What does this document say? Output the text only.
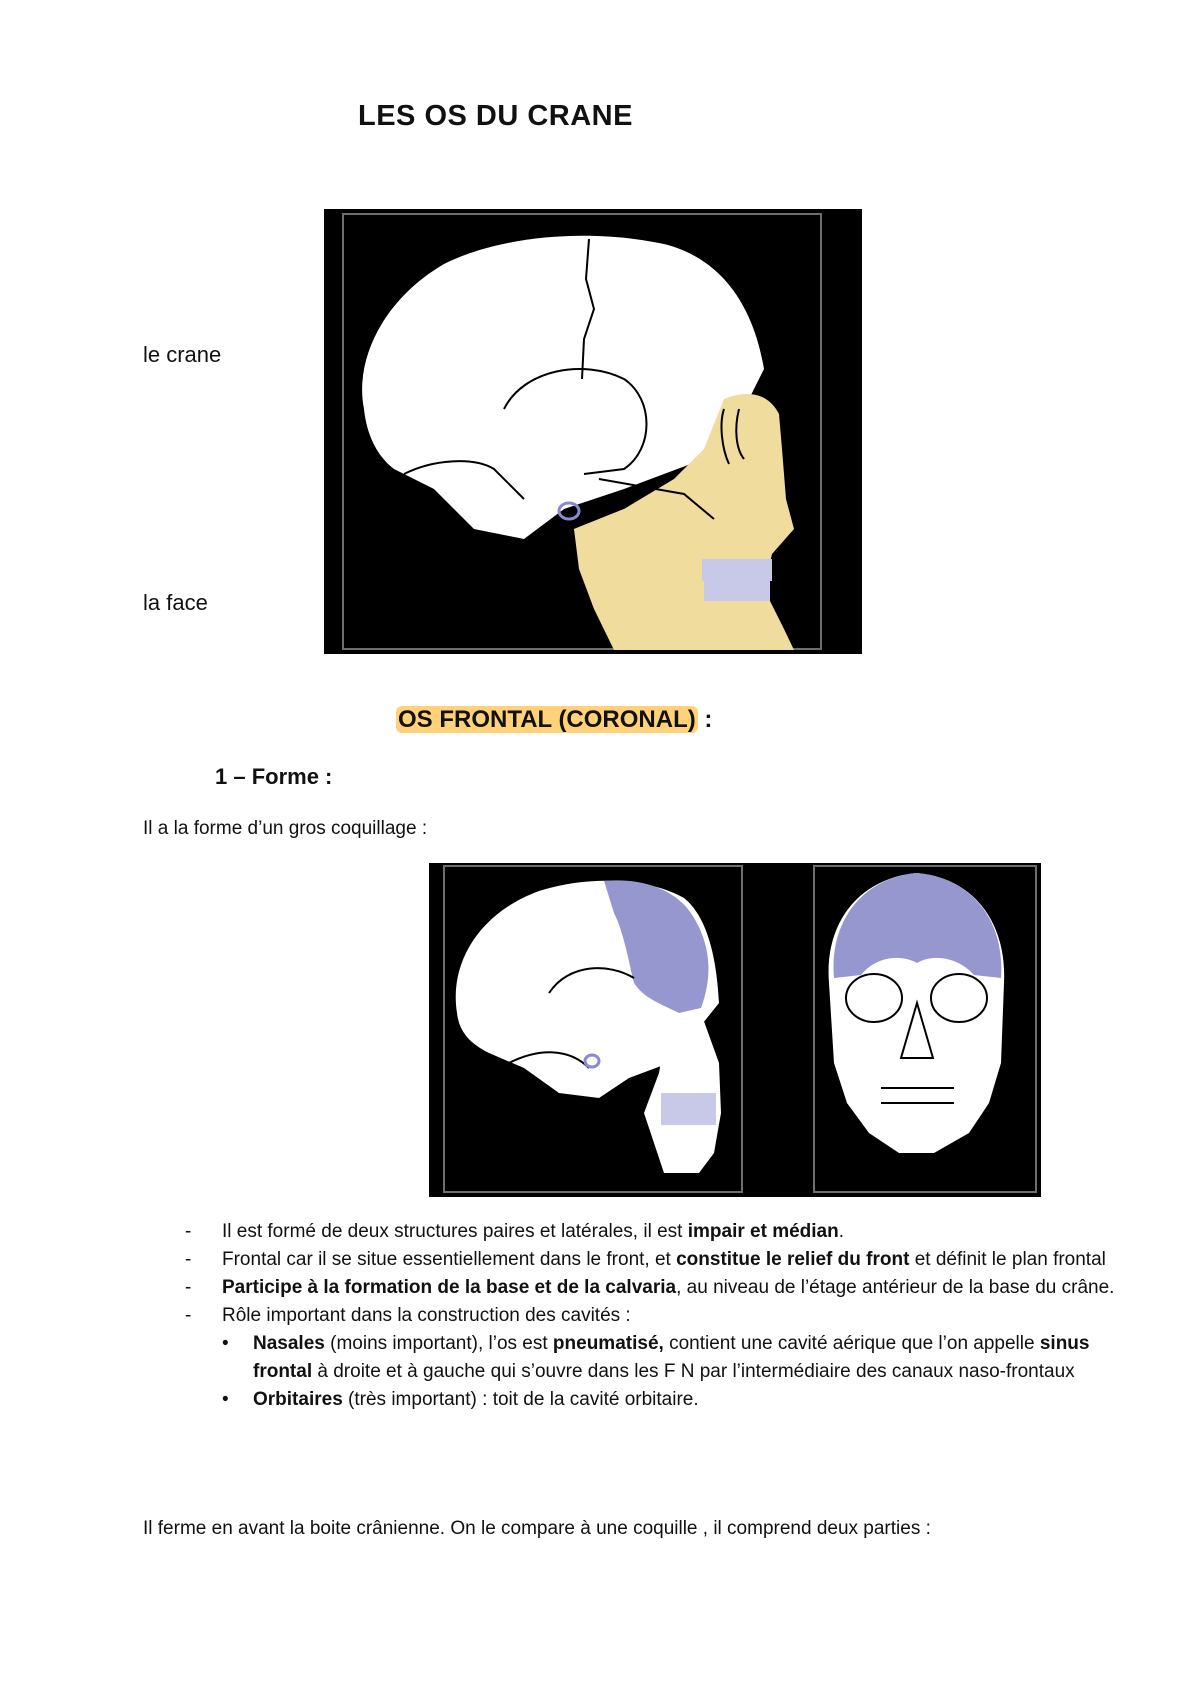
LES OS DU CRANE
le crane
la face
OS FRONTAL (CORONAL) :
1 – Forme :
Il a la forme d’un gros coquillage :
- Il est formé de deux structures paires et latérales, il est impair et médian.
- Frontal car il se situe essentiellement dans le front, et constitue le relief du front et définit le plan frontal
- Participe à la formation de la base et de la calvaria, au niveau de l’étage antérieur de la base du crâne.
- Rôle important dans la construction des cavités :
• Nasales (moins important), l’os est pneumatisé, contient une cavité aérique que l’on appelle sinus frontal à droite et à gauche qui s’ouvre dans les F N par l’intermédiaire des canaux naso-frontaux
• Orbitaires (très important) : toit de la cavité orbitaire.
Il ferme en avant la boite crânienne. On le compare à une coquille , il comprend deux parties :
